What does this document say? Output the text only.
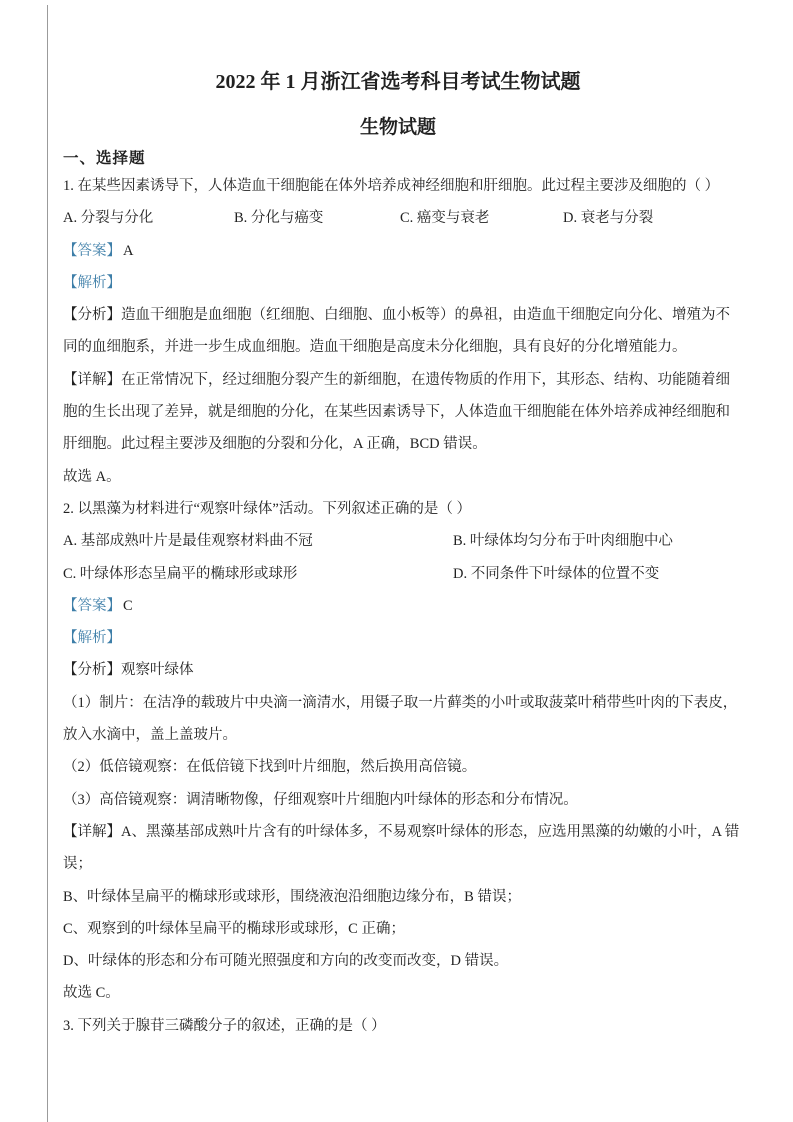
2022 年 1 月浙江省选考科目考试生物试题
生物试题
一、选择题
1. 在某些因素诱导下，人体造血干细胞能在体外培养成神经细胞和肝细胞。此过程主要涉及细胞的（ ）
A. 分裂与分化	B. 分化与癌变	C. 癌变与衰老	D. 衰老与分裂
【答案】 A
【解析】
【分析】造血干细胞是血细胞（红细胞、白细胞、血小板等）的鼻祖，由造血干细胞定向分化、增殖为不
同的血细胞系，并进一步生成血细胞。造血干细胞是高度未分化细胞，具有良好的分化增殖能力。
【详解】在正常情况下，经过细胞分裂产生的新细胞，在遗传物质的作用下，其形态、结构、功能随着细
胞的生长出现了差异，就是细胞的分化，在某些因素诱导下，人体造血干细胞能在体外培养成神经细胞和
肝细胞。此过程主要涉及细胞的分裂和分化，A 正确，BCD 错误。
故选 A。
2. 以黑藻为材料进行“观察叶绿体”活动。下列叙述正确的是（ ）
A. 基部成熟叶片是最佳观察材料曲不冠	B. 叶绿体均匀分布于叶肉细胞中心
C. 叶绿体形态呈扁平的椭球形或球形	D. 不同条件下叶绿体的位置不变
【答案】 C
【解析】
【分析】观察叶绿体
（1）制片：在洁净的载玻片中央滴一滴清水，用镊子取一片藓类的小叶或取菠菜叶稍带些叶肉的下表皮，
放入水滴中，盖上盖玻片。
（2）低倍镜观察：在低倍镜下找到叶片细胞，然后换用高倍镜。
（3）高倍镜观察：调清晰物像，仔细观察叶片细胞内叶绿体的形态和分布情况。
【详解】A、黑藻基部成熟叶片含有的叶绿体多，不易观察叶绿体的形态，应选用黑藻的幼嫩的小叶，A 错
误；
B、叶绿体呈扁平的椭球形或球形，围绕液泡沿细胞边缘分布，B 错误；
C、观察到的叶绿体呈扁平的椭球形或球形，C 正确；
D、叶绿体的形态和分布可随光照强度和方向的改变而改变，D 错误。
故选 C。
3. 下列关于腺苷三磷酸分子的叙述，正确的是（ ）
